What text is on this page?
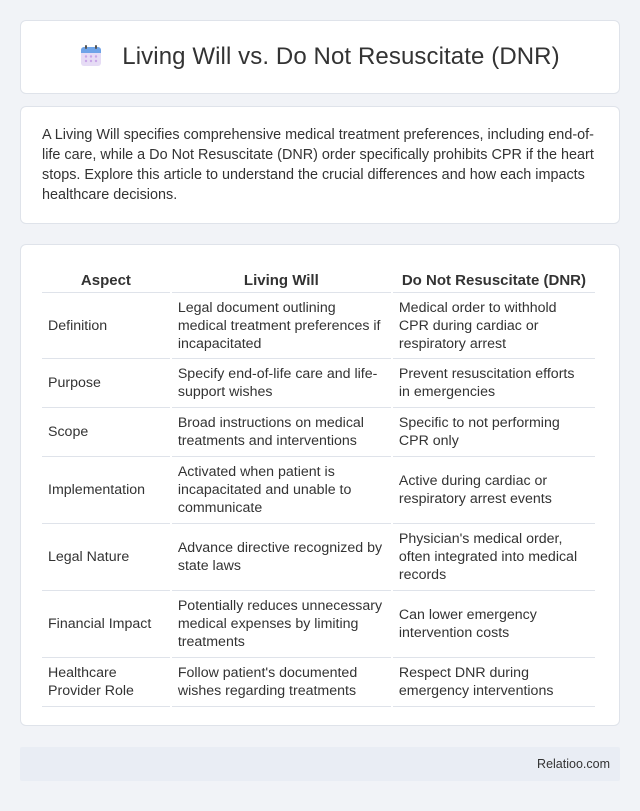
Living Will vs. Do Not Resuscitate (DNR)

A Living Will specifies comprehensive medical treatment preferences, including end-of-life care, while a Do Not Resuscitate (DNR) order specifically prohibits CPR if the heart stops. Explore this article to understand the crucial differences and how each impacts healthcare decisions.

Aspect	Living Will	Do Not Resuscitate (DNR)
Definition	Legal document outlining medical treatment preferences if incapacitated	Medical order to withhold CPR during cardiac or respiratory arrest
Purpose	Specify end-of-life care and life-support wishes	Prevent resuscitation efforts in emergencies
Scope	Broad instructions on medical treatments and interventions	Specific to not performing CPR only
Implementation	Activated when patient is incapacitated and unable to communicate	Active during cardiac or respiratory arrest events
Legal Nature	Advance directive recognized by state laws	Physician's medical order, often integrated into medical records
Financial Impact	Potentially reduces unnecessary medical expenses by limiting treatments	Can lower emergency intervention costs
Healthcare Provider Role	Follow patient's documented wishes regarding treatments	Respect DNR during emergency interventions
Relatioo.com
